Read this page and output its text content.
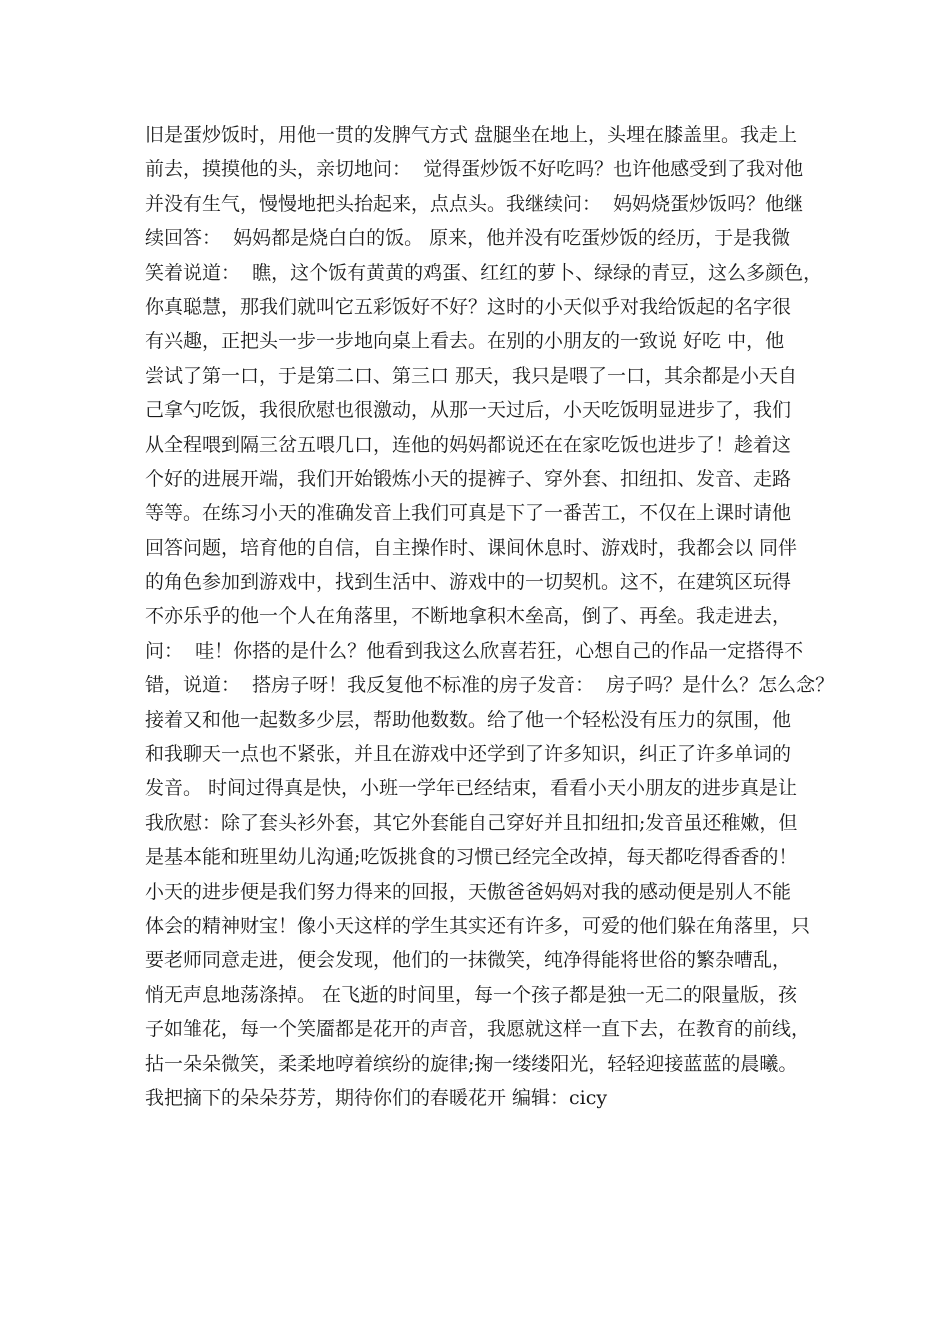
旧是蛋炒饭时，用他一贯的发脾气方式 盘腿坐在地上，头埋在膝盖里。我走上
前去，摸摸他的头，亲切地问：  觉得蛋炒饭不好吃吗？也许他感受到了我对他
并没有生气，慢慢地把头抬起来，点点头。我继续问：  妈妈烧蛋炒饭吗？他继
续回答：  妈妈都是烧白白的饭。 原来，他并没有吃蛋炒饭的经历，于是我微
笑着说道：  瞧，这个饭有黄黄的鸡蛋、红红的萝卜、绿绿的青豆，这么多颜色，
你真聪慧，那我们就叫它五彩饭好不好？这时的小天似乎对我给饭起的名字很
有兴趣，正把头一步一步地向桌上看去。在别的小朋友的一致说 好吃 中，他
尝试了第一口，于是第二口、第三口 那天，我只是喂了一口，其余都是小天自
己拿勺吃饭，我很欣慰也很激动，从那一天过后，小天吃饭明显进步了，我们
从全程喂到隔三岔五喂几口，连他的妈妈都说还在在家吃饭也进步了！趁着这
个好的进展开端，我们开始锻炼小天的提裤子、穿外套、扣纽扣、发音、走路
等等。在练习小天的准确发音上我们可真是下了一番苦工，不仅在上课时请他
回答问题，培育他的自信，自主操作时、课间休息时、游戏时，我都会以 同伴
的角色参加到游戏中，找到生活中、游戏中的一切契机。这不，在建筑区玩得
不亦乐乎的他一个人在角落里，不断地拿积木垒高，倒了、再垒。我走进去，
问：  哇！你搭的是什么？他看到我这么欣喜若狂，心想自己的作品一定搭得不
错，说道：  搭房子呀！我反复他不标准的房子发音：  房子吗？是什么？怎么念？
接着又和他一起数多少层，帮助他数数。给了他一个轻松没有压力的氛围，他
和我聊天一点也不紧张，并且在游戏中还学到了许多知识，纠正了许多单词的
发音。 时间过得真是快，小班一学年已经结束，看看小天小朋友的进步真是让
我欣慰：除了套头衫外套，其它外套能自己穿好并且扣纽扣;发音虽还稚嫩，但
是基本能和班里幼儿沟通;吃饭挑食的习惯已经完全改掉，每天都吃得香香的！
小天的进步便是我们努力得来的回报，天傲爸爸妈妈对我的感动便是别人不能
体会的精神财宝！像小天这样的学生其实还有许多，可爱的他们躲在角落里，只
要老师同意走进，便会发现，他们的一抹微笑，纯净得能将世俗的繁杂嘈乱，
悄无声息地荡涤掉。 在飞逝的时间里，每一个孩子都是独一无二的限量版，孩
子如雏花，每一个笑靥都是花开的声音，我愿就这样一直下去，在教育的前线，
拈一朵朵微笑，柔柔地哼着缤纷的旋律;掬一缕缕阳光，轻轻迎接蓝蓝的晨曦。
我把摘下的朵朵芬芳，期待你们的春暖花开 编辑：cicy
